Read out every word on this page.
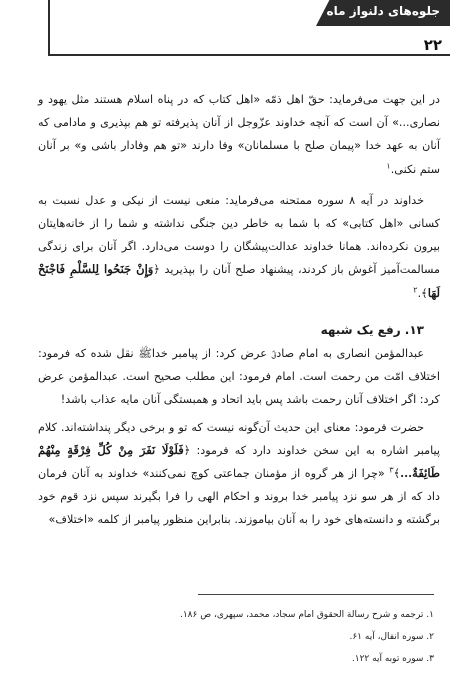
جلوه‌های دلنواز ماه
۲۲

در این جهت می‌فرماید: حقّ اهل ذمّه «اهل کتاب که در پناه اسلام هستند مثل یهود و نصاری...» آن است که آنچه خداوند عزّوجل از آنان پذیرفته تو هم بپذیری و مادامی که آنان به عهد خدا «پیمان صلح با مسلمانان» وفا دارند «تو هم وفادار باشی و» بر آنان ستم نکنی.$^۱$

خداوند در آیه ۸ سوره ممتحنه می‌فرماید: منعی نیست از نیکی و عدل نسبت به کسانی «اهل کتابی» که با شما به خاطر دین جنگی نداشته و شما را از خانه‌هایتان بیرون نکرده‌اند. همانا خداوند عدالت‌پیشگان را دوست می‌دارد. اگر آنان برای زندگی مسالمت‌آمیز آغوش باز کردند، پیشنهاد صلح آنان را بپذیرید ﴿وَإِنْ جَنَحُوا لِلسَّلْمِ فَاجْنَحْ لَهَا﴾.$^۲$

۱۳. رفع یک شبهه

عبدالمؤمن انصاری به امام صادقؑ عرض کرد: از پیامبر خداﷺ نقل شده که فرمود: اختلاف امّت من رحمت است. امام فرمود: این مطلب صحیح است. عبدالمؤمن عرض کرد: اگر اختلاف آنان رحمت باشد پس باید اتحاد و همبستگی آنان مایه عذاب باشد!

حضرت فرمود: معنای این حدیث آن‌گونه نیست که تو و برخی دیگر پنداشته‌اند. کلام پیامبر اشاره به این سخن خداوند دارد که فرمود: ﴿فَلَوْلَا نَفَرَ مِنْ كُلِّ فِرْقَةٍ مِنْهُمْ طَائِفَةٌ...﴾$^۳$ «چرا از هر گروه از مؤمنان جماعتی کوچ نمی‌کنند» خداوند به آنان فرمان داد که از هر سو نزد پیامبر خدا بروند و احکام الهی را فرا بگیرند سپس نزد قوم خود برگشته و دانسته‌های خود را به آنان بیاموزند. بنابراین منظور پیامبر از کلمه «اختلاف»

۱. ترجمه و شرح رسالة الحقوق امام سجاد، محمد، سپهری، ص ۱۸۶.
۲. سوره انفال، آیه ۶۱.
۳. سوره توبه آیه ۱۲۲.
